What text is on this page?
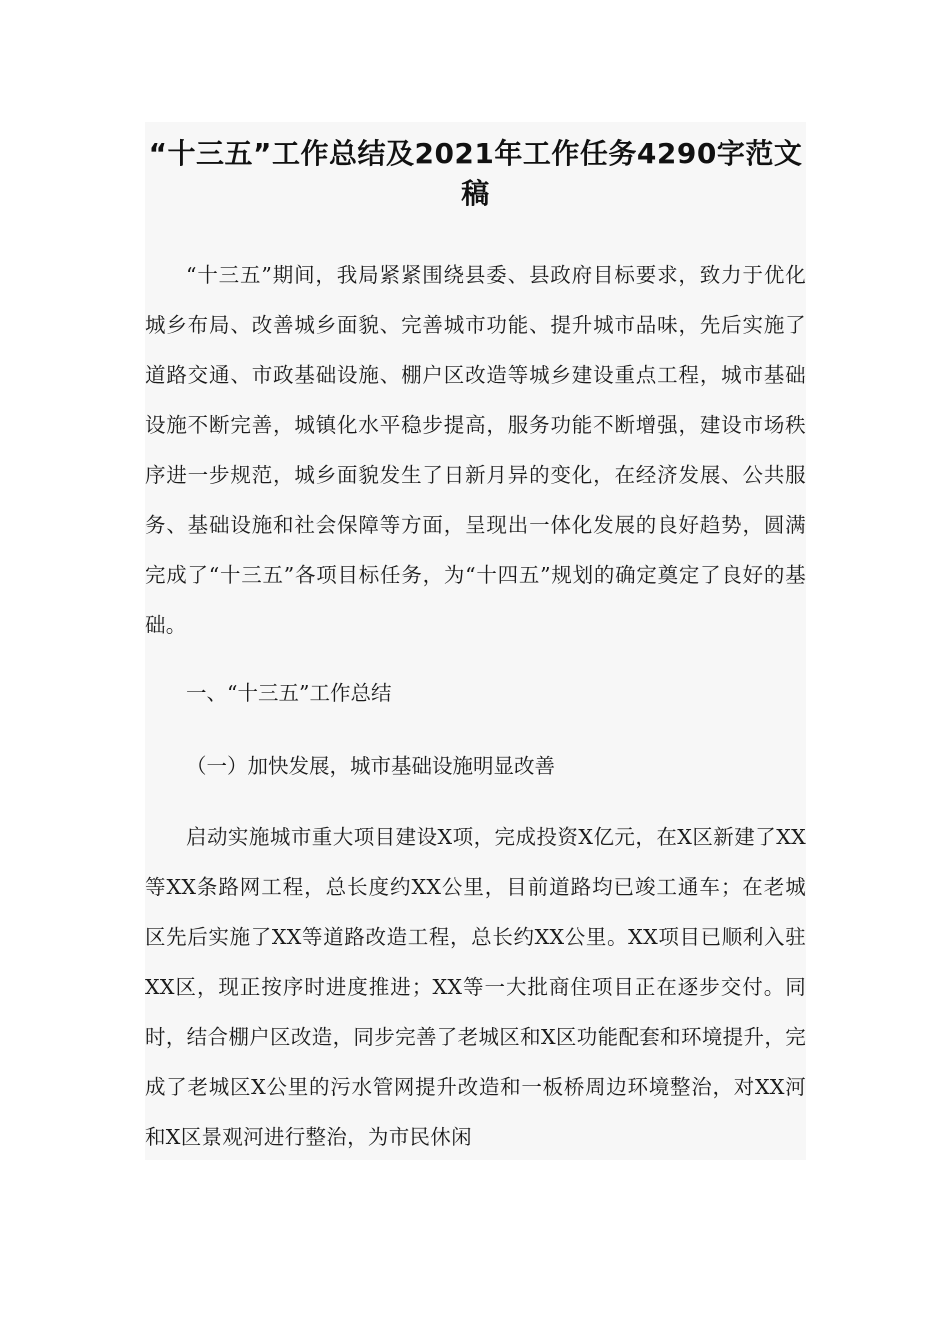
“十三五”工作总结及2021年工作任务4290字范文稿

“十三五”期间，我局紧紧围绕县委、县政府目标要求，致力于优化城乡布局、改善城乡面貌、完善城市功能、提升城市品味，先后实施了道路交通、市政基础设施、棚户区改造等城乡建设重点工程，城市基础设施不断完善，城镇化水平稳步提高，服务功能不断增强，建设市场秩序进一步规范，城乡面貌发生了日新月异的变化，在经济发展、公共服务、基础设施和社会保障等方面，呈现出一体化发展的良好趋势，圆满完成了“十三五”各项目标任务，为“十四五”规划的确定奠定了良好的基础。

一、“十三五”工作总结
（一）加快发展，城市基础设施明显改善

启动实施城市重大项目建设X项，完成投资X亿元，在X区新建了XX等XX条路网工程，总长度约XX公里，目前道路均已竣工通车；在老城区先后实施了XX等道路改造工程，总长约XX公里。XX项目已顺利入驻XX区，现正按序时进度推进；XX等一大批商住项目正在逐步交付。同时，结合棚户区改造，同步完善了老城区和X区功能配套和环境提升，完成了老城区X公里的污水管网提升改造和一板桥周边环境整治，对XX河和X区景观河进行整治，为市民休闲
